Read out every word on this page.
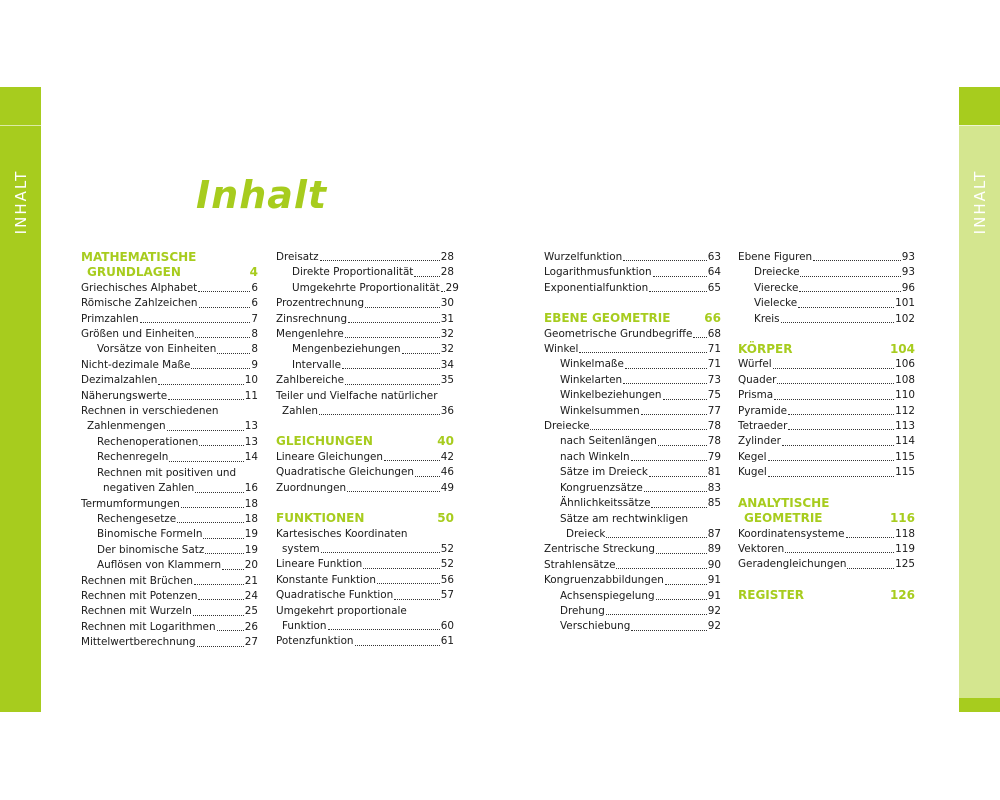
INHALT	INHALT
Inhalt
MATHEMATISCHE
GRUNDLAGEN	4
Griechisches Alphabet	6
Römische Zahlzeichen	6
Primzahlen	7
Größen und Einheiten	8
Vorsätze von Einheiten	8
Nicht-dezimale Maße	9
Dezimalzahlen	10
Näherungswerte	11
Rechnen in verschiedenen
Zahlenmengen	13
Rechenoperationen	13
Rechenregeln	14
Rechnen mit positiven und
negativen Zahlen	16
Termumformungen	18
Rechengesetze	18
Binomische Formeln	19
Der binomische Satz	19
Auflösen von Klammern 20
Rechnen mit Brüchen	21
Rechnen mit Potenzen	24
Rechnen mit Wurzeln	25
Rechnen mit Logarithmen	26
Mittelwertberechnung	27
Dreisatz	28
Direkte Proportionalität	28
Umgekehrte Proportionalität 29
Prozentrechnung	30
Zinsrechnung	31
Mengenlehre	32
Mengenbeziehungen	32
Intervalle	34
Zahlbereiche	35
Teiler und Vielfache natürlicher
Zahlen	36
GLEICHUNGEN	40
Lineare Gleichungen	42
Quadratische Gleichungen	46
Zuordnungen	49
FUNKTIONEN	50
Kartesisches Koordinaten
system	52
Lineare Funktion	52
Konstante Funktion	56
Quadratische Funktion	57
Umgekehrt proportionale
Funktion	60
Potenzfunktion	61
Wurzelfunktion	63
Logarithmusfunktion	64
Exponentialfunktion	65
EBENE GEOMETRIE	66
Geometrische Grundbegriffe 68
Winkel	71
Winkelmaße	71
Winkelarten	73
Winkelbeziehungen	75
Winkelsummen	77
Dreiecke	78
nach Seitenlängen	78
nach Winkeln	79
Sätze im Dreieck	81
Kongruenzsätze	83
Ähnlichkeitssätze	85
Sätze am rechtwinkligen
Dreieck	87
Zentrische Streckung	89
Strahlensätze	90
Kongruenzabbildungen	91
Achsenspiegelung	91
Drehung	92
Verschiebung	92
Ebene Figuren	93
Dreiecke	93
Vierecke	96
Vielecke	101
Kreis	102
KÖRPER	104
Würfel	106
Quader	108
Prisma	110
Pyramide	112
Tetraeder	113
Zylinder	114
Kegel	115
Kugel	115
ANALYTISCHE
GEOMETRIE	116
Koordinatensysteme	118
Vektoren	119
Geradengleichungen	125
REGISTER	126
